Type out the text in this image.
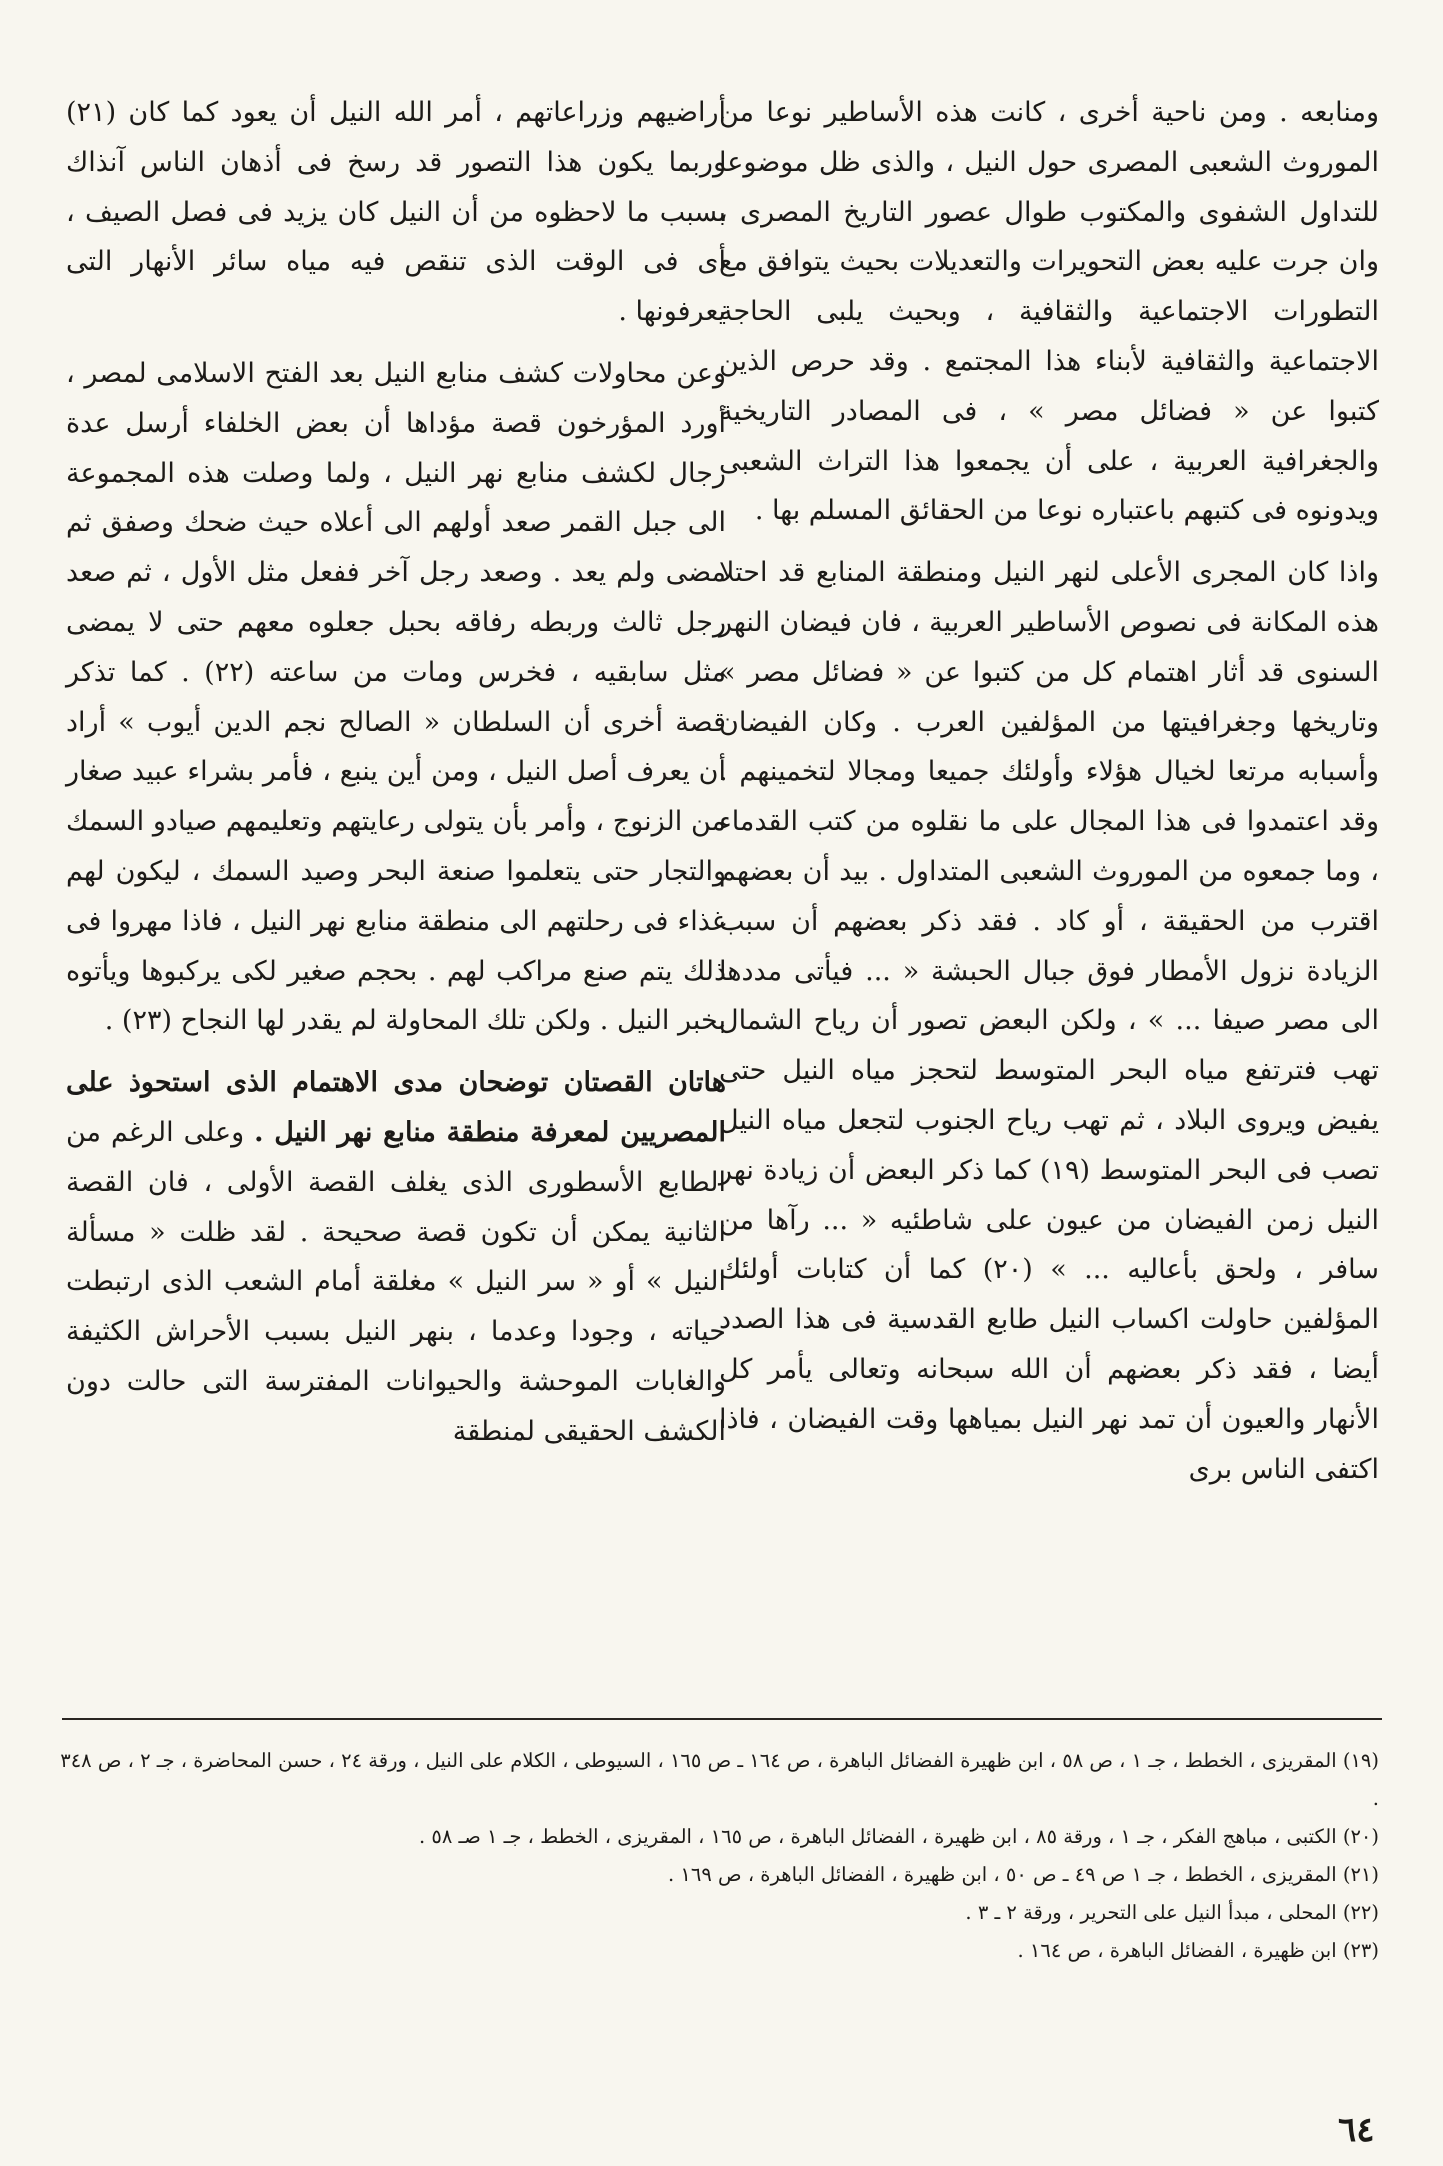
ومنابعه . ومن ناحية أخرى ، كانت هذه الأساطير نوعا من الموروث الشعبى المصرى حول النيل ، والذى ظل موضوعا للتداول الشفوى والمكتوب طوال عصور التاريخ المصرى ، وان جرت عليه بعض التحويرات والتعديلات بحيث يتوافق مع التطورات الاجتماعية والثقافية ، وبحيث يلبى الحاجة الاجتماعية والثقافية لأبناء هذا المجتمع . وقد حرص الذين كتبوا عن « فضائل مصر » ، فى المصادر التاريخية والجغرافية العربية ، على أن يجمعوا هذا التراث الشعبى ويدونوه فى كتبهم باعتباره نوعا من الحقائق المسلم بها .

واذا كان المجرى الأعلى لنهر النيل ومنطقة المنابع قد احتلا هذه المكانة فى نصوص الأساطير العربية ، فان فيضان النهر السنوى قد أثار اهتمام كل من كتبوا عن « فضائل مصر » وتاريخها وجغرافيتها من المؤلفين العرب . وكان الفيضان وأسبابه مرتعا لخيال هؤلاء وأولئك جميعا ومجالا لتخمينهم . وقد اعتمدوا فى هذا المجال على ما نقلوه من كتب القدماء ، وما جمعوه من الموروث الشعبى المتداول . بيد أن بعضهم اقترب من الحقيقة ، أو كاد . فقد ذكر بعضهم أن سبب الزيادة نزول الأمطار فوق جبال الحبشة « ... فيأتى مددها الى مصر صيفا ... » ، ولكن البعض تصور أن رياح الشمال تهب فترتفع مياه البحر المتوسط لتحجز مياه النيل حتى يفيض ويروى البلاد ، ثم تهب رياح الجنوب لتجعل مياه النيل تصب فى البحر المتوسط (١٩) كما ذكر البعض أن زيادة نهر النيل زمن الفيضان من عيون على شاطئيه « ... رآها من سافر ، ولحق بأعاليه ... » (٢٠) كما أن كتابات أولئك المؤلفين حاولت اكساب النيل طابع القدسية فى هذا الصدد أيضا ، فقد ذكر بعضهم أن الله سبحانه وتعالى يأمر كل الأنهار والعيون أن تمد نهر النيل بمياهها وقت الفيضان ، فاذا اكتفى الناس برى

أراضيهم وزراعاتهم ، أمر الله النيل أن يعود كما كان (٢١) وربما يكون هذا التصور قد رسخ فى أذهان الناس آنذاك بسبب ما لاحظوه من أن النيل كان يزيد فى فصل الصيف ، أى فى الوقت الذى تنقص فيه مياه سائر الأنهار التى يعرفونها .

وعن محاولات كشف منابع النيل بعد الفتح الاسلامى لمصر ، أورد المؤرخون قصة مؤداها أن بعض الخلفاء أرسل عدة رجال لكشف منابع نهر النيل ، ولما وصلت هذه المجموعة الى جبل القمر صعد أولهم الى أعلاه حيث ضحك وصفق ثم مضى ولم يعد . وصعد رجل آخر ففعل مثل الأول ، ثم صعد رجل ثالث وربطه رفاقه بحبل جعلوه معهم حتى لا يمضى مثل سابقيه ، فخرس ومات من ساعته (٢٢) . كما تذكر قصة أخرى أن السلطان « الصالح نجم الدين أيوب » أراد أن يعرف أصل النيل ، ومن أين ينبع ، فأمر بشراء عبيد صغار من الزنوج ، وأمر بأن يتولى رعايتهم وتعليمهم صيادو السمك والتجار حتى يتعلموا صنعة البحر وصيد السمك ، ليكون لهم غذاء فى رحلتهم الى منطقة منابع نهر النيل ، فاذا مهروا فى ذلك يتم صنع مراكب لهم . بحجم صغير لكى يركبوها ويأتوه بخبر النيل . ولكن تلك المحاولة لم يقدر لها النجاح (٢٣) .

هاتان القصتان توضحان مدى الاهتمام الذى استحوذ على المصريين لمعرفة منطقة منابع نهر النيل . وعلى الرغم من الطابع الأسطورى الذى يغلف القصة الأولى ، فان القصة الثانية يمكن أن تكون قصة صحيحة . لقد ظلت « مسألة النيل » أو « سر النيل » مغلقة أمام الشعب الذى ارتبطت حياته ، وجودا وعدما ، بنهر النيل بسبب الأحراش الكثيفة والغابات الموحشة والحيوانات المفترسة التى حالت دون الكشف الحقيقى لمنطقة

(١٩) المقريزى ، الخطط ، جـ ١ ، ص ٥٨ ، ابن ظهيرة الفضائل الباهرة ، ص ١٦٤ ـ ص ١٦٥ ، السيوطى ، الكلام على النيل ، ورقة ٢٤ ، حسن المحاضرة ، جـ ٢ ، ص ٣٤٨ .

(٢٠) الكتبى ، مباهج الفكر ، جـ ١ ، ورقة ٨٥ ، ابن ظهيرة ، الفضائل الباهرة ، ص ١٦٥ ، المقريزى ، الخطط ، جـ ١ صـ ٥٨ .

(٢١) المقريزى ، الخطط ، جـ ١ ص ٤٩ ـ ص ٥٠ ، ابن ظهيرة ، الفضائل الباهرة ، ص ١٦٩ .

(٢٢) المحلى ، مبدأ النيل على التحرير ، ورقة ٢ ـ ٣ .

(٢٣) ابن ظهيرة ، الفضائل الباهرة ، ص ١٦٤ .

٦٤
